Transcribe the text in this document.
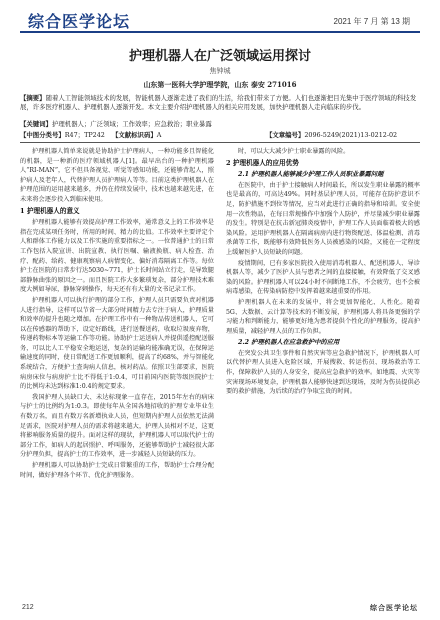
综合医学论坛	2021 年 7 月 第 13 期
护理机器人在广泛领域运用探讨
焦钟城
山东第一医科大学护理学院，山东 泰安 271016
【摘要】随着人工智能领域技术的发展，智能机器人逐渐走进了我们的生活，给我们带来了方便。人们也逐渐把目光集中于医疗领域的科技发展，许多医疗机器人、护理机器人逐渐开发。本文主要介绍护理机器人的相关应用发展，加快护理机器人走向临床的步伐。
【关键词】护理机器人；广泛领域；工作效率；应急救治；职业暴露
【中图分类号】R47；TP242 【文献标识码】A	【文章编号】2096-5249(2021)13-0212-02

护理机器人简单来说就是协助护士护理病人，一种功能多且智能化的机器，是一种新的医疗领域机器人[1]。最早出台的一种护理机器人“RI-MAN”，它不但具备视觉、听觉等感知功能，还能够背起人，照护病人及老年人，代替护理人员护理病人等等。目前这类护理机器人在护理范围的运用越来越多，并仍在持续发展中，技术也越来越先进，在未来将会逐步投入到临床使用。

1 护理机器人的意义

护理机器人能够有效提高护理工作效率，通常意义上的工作效率是指在完成某项任务时，所用的时间、精力的比值。工作效率主要评定个人和群体工作能力以及工作实施的重要指标之一。一位普通护士的日常工作包括入院宣讲、出院宣教、执行医嘱、输液换瓶、病人检查、治疗、配药、给药、健康观察病人病情变化、偏好消毒隔离工作等。每位护士在医院的日常步行达5030~771，护士长时间站立行走，是导致腿部静脉曲张的原因之一。而且医院工作大多繁琐复杂，部分护理技术难度大例如导尿，静脉穿刺操作，每天还有有大量的文书记录工作。

护理机器人可以执行护理的部分工作，护理人员只需要负责对机器人进行指导，这样可以节省一大部分时间精力去专注于病人，护理质量和效率的提升也随之增加。在护理工作中有一种物品传送机器人，它可以在传感器的帮助下，设定好路线，进行送餐送药，收取垃圾废弃物，传递药物标本等运输工作等功能。协助护士运送病人并提供遥控配送服务，可以比人工平稳安全地运送，复杂的运输均能准确无误，在保障运输速度的同时，使日常配送工作更加顺利，提高了约68%，并与智能化系统结合，方便护士查询病人信息，核对药品。依照卫生部要求，医院病房床位与病房护士比不得低于1:0.4，可目前国内医院等级医院护士的比例均未达到标准1:0.4的规定要求。

我国护理人员缺口大、未达标现象一直存在，2015年左右的病床与护士的比例约为1:0.3。即使每年从全国各地招收的护理专业毕业生有数万名，而且有数万名新增执业人员，但短期内护理人员依然无法满足需求，医院对护理人员的需求将越来越大，护理人员相对不足，这更将影响服务质量的提升。面对这样的现状，护理机器人可以取代护士的部分工作，如病人的起居照护、呼叫服务，还能够帮助护士减轻很大部分护理负担，提高护士的工作效率，进一步减轻人员短缺的压力。

护理机器人可以协助护士完成日常繁重的工作，帮助护士合理分配时间，做好护理各个环节、优化护理服务。

时，可以大大减少护士职业暴露的风险。

2 护理机器人的应用优势
2.1 护理机器人能够减少护理工作人员职业暴露问题

在医院中，由于护士接触病人时间最长，所以发生职业暴露的概率也是最高的，可高达49%。同时基层护理人员，可能存在防护意识不足，防护措施不到位等情况，应当对此进行正确的指导和培训。安全使用一次性物品，在每日常规操作中加强个人防护，并尽量减少职业暴露的发生。特别是在抗击新冠肺炎疫情中，护理工作人员面临着极大的感染风险。运用护理机器人在隔离病房内进行物资配送、体温检测、消毒杀菌等工作，既能够有效降低医务人员被感染的风险，又能在一定程度上缓解医护人员短缺的问题。

疫情期间，已有多家医院投入使用消毒机器人、配送机器人、导诊机器人等，减少了医护人员与患者之间的直接接触，有效降低了交叉感染的风险。护理机器人可以24小时不间断地工作，不会疲劳，也不会被病毒感染，在传染病防控中发挥着越来越重要的作用。

护理机器人在未来的发展中，将会更加智能化、人性化。随着5G、大数据、云计算等技术的不断发展，护理机器人将具备更强的学习能力和判断能力，能够更好地为患者提供个性化的护理服务，提高护理质量，减轻护理人员的工作负担。

2.2 护理机器人在应急救护中的应用

在突发公共卫生事件和自然灾害等应急救护情况下，护理机器人可以代替护理人员进入危险区域，开展搜救、转运伤员、现场救治等工作，保障救护人员的人身安全，提高应急救护的效率。如地震、火灾等灾害现场环境复杂，护理机器人能够快速到达现场，及时为伤员提供必要的救护措施，为后续的治疗争取宝贵的时间。

212	综合医学论坛
